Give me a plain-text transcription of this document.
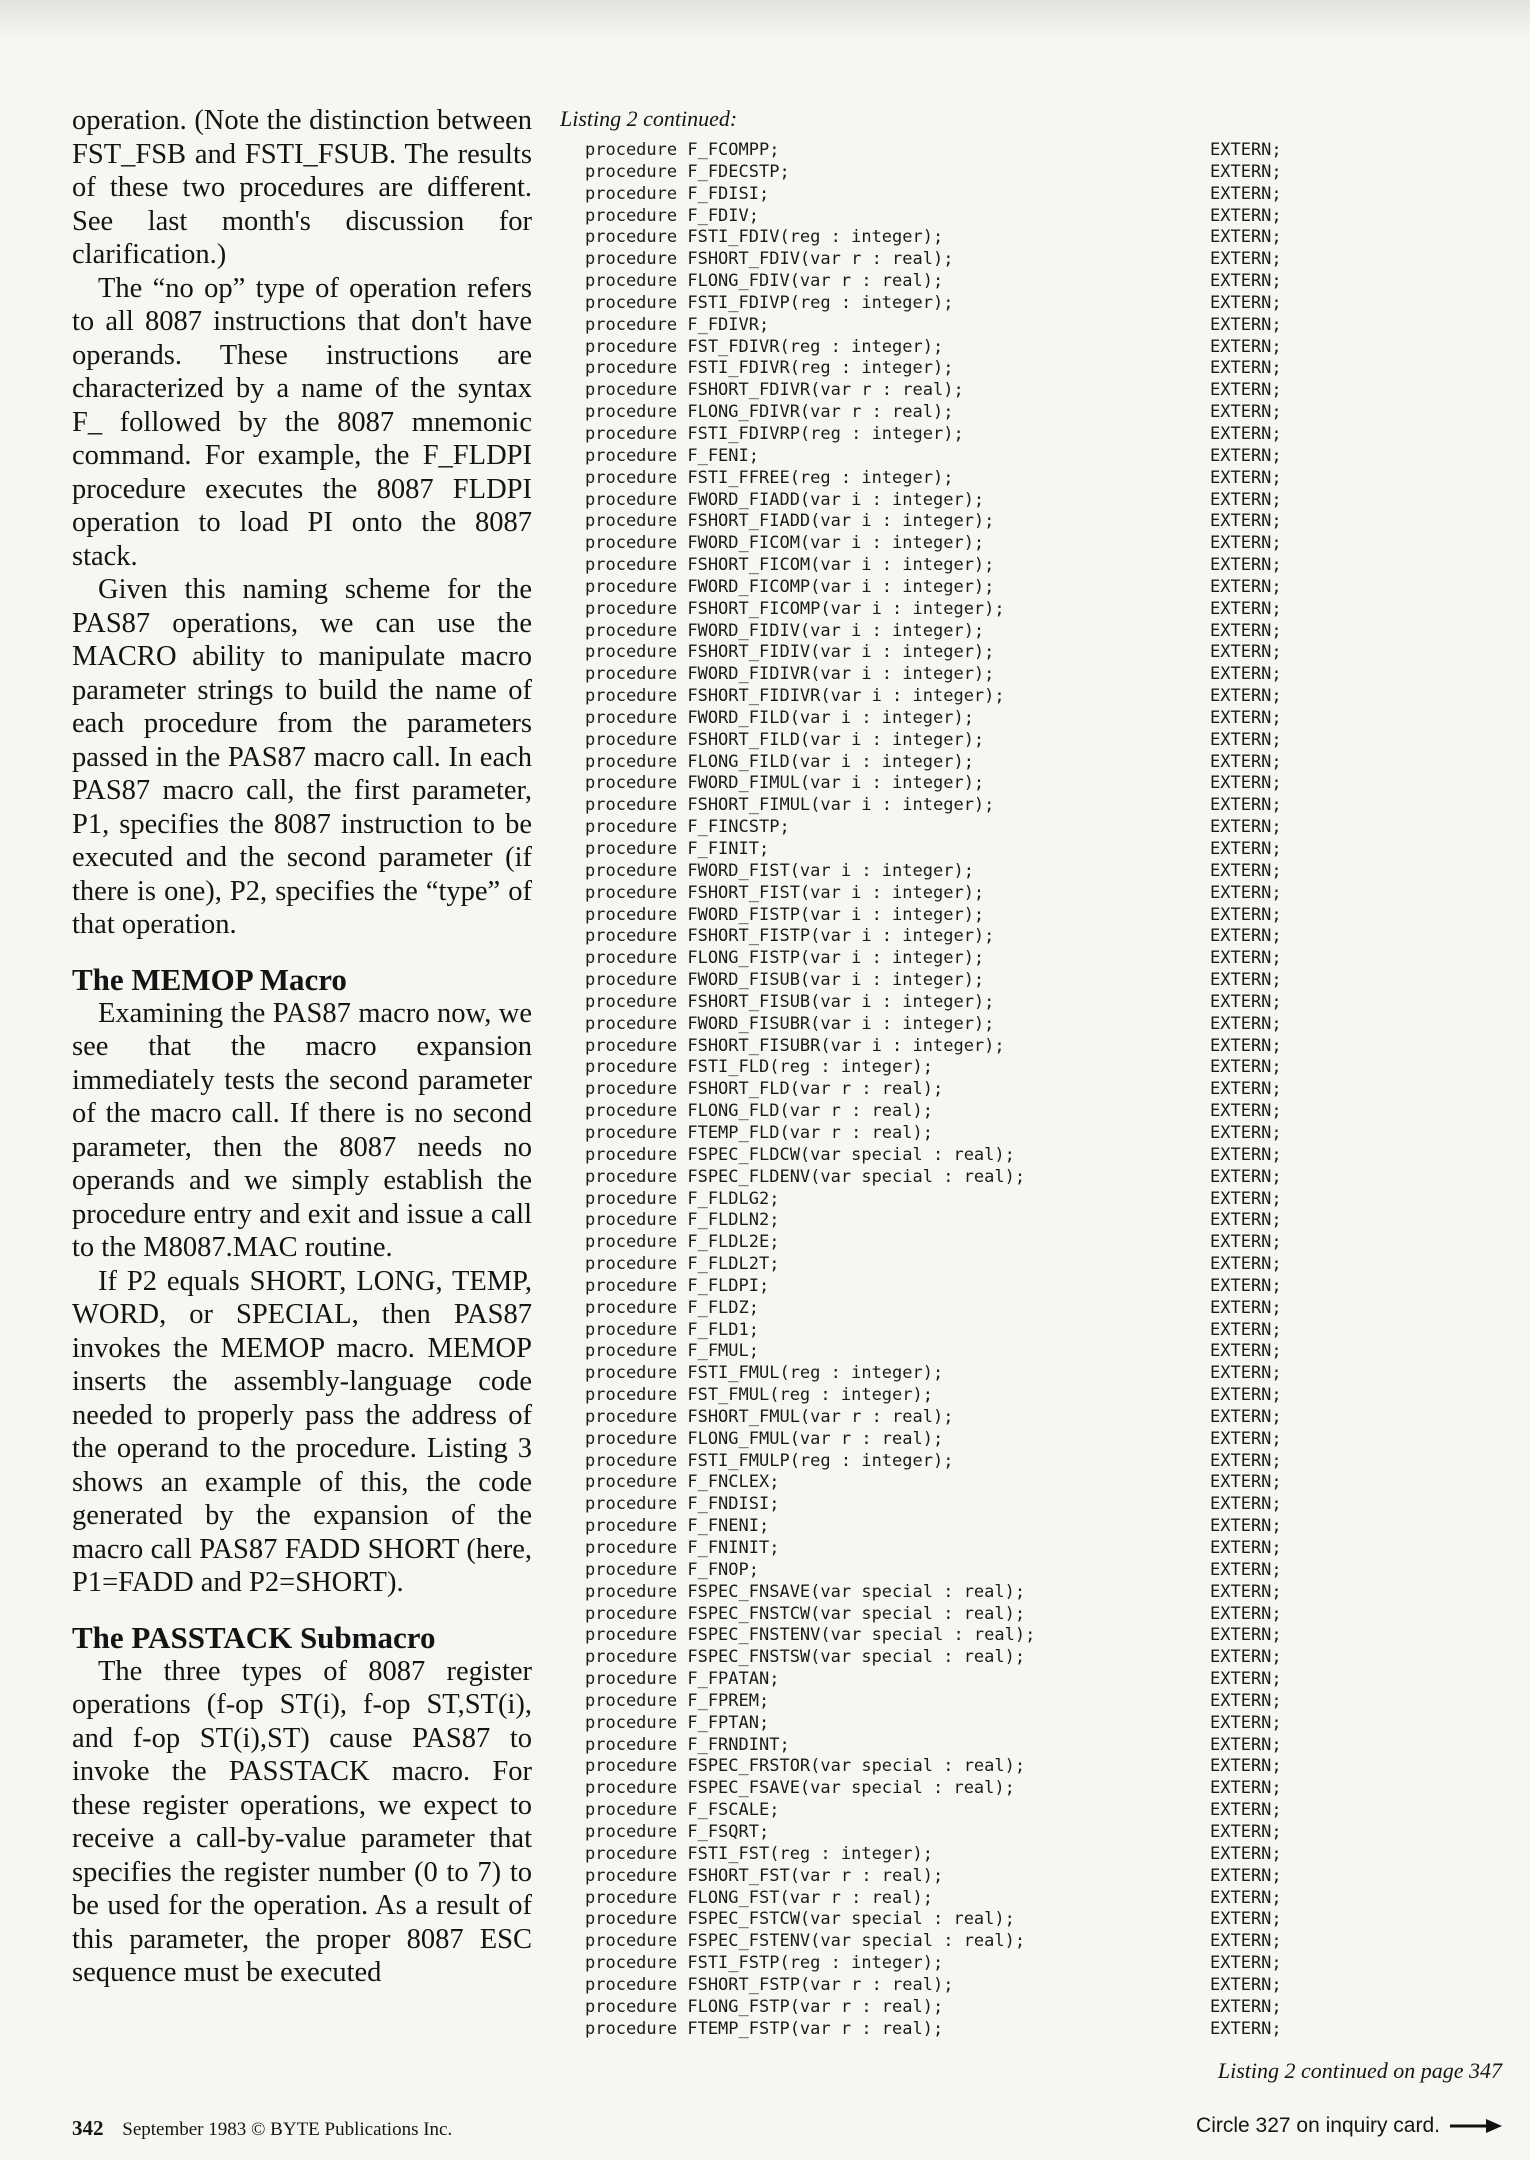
operation. (Note the distinction between FST_FSB and FSTI_FSUB. The results of these two procedures are different. See last month's discussion for clarification.)

The “no op” type of operation refers to all 8087 instructions that don't have operands. These instructions are characterized by a name of the syntax F_ followed by the 8087 mnemonic command. For example, the F_FLDPI procedure executes the 8087 FLDPI operation to load PI onto the 8087 stack.

Given this naming scheme for the PAS87 operations, we can use the MACRO ability to manipulate macro parameter strings to build the name of each procedure from the parameters passed in the PAS87 macro call. In each PAS87 macro call, the first parameter, P1, specifies the 8087 instruction to be executed and the second parameter (if there is one), P2, specifies the “type” of that operation.

The MEMOP Macro

Examining the PAS87 macro now, we see that the macro expansion immediately tests the second parameter of the macro call. If there is no second parameter, then the 8087 needs no operands and we simply establish the procedure entry and exit and issue a call to the M8087.MAC routine.

If P2 equals SHORT, LONG, TEMP, WORD, or SPECIAL, then PAS87 invokes the MEMOP macro. MEMOP inserts the assembly-language code needed to properly pass the address of the operand to the procedure. Listing 3 shows an example of this, the code generated by the expansion of the macro call PAS87 FADD SHORT (here, P1=FADD and P2=SHORT).

The PASSTACK Submacro

The three types of 8087 register operations (f-op ST(i), f-op ST,ST(i), and f-op ST(i),ST) cause PAS87 to invoke the PASSTACK macro. For these register operations, we expect to receive a call-by-value parameter that specifies the register number (0 to 7) to be used for the operation. As a result of this parameter, the proper 8087 ESC sequence must be executed

Listing 2 continued:
procedure F_FCOMPP;	EXTERN;
procedure F_FDECSTP;	EXTERN;
procedure F_FDISI;	EXTERN;
procedure F_FDIV;	EXTERN;
procedure FSTI_FDIV(reg : integer);	EXTERN;
procedure FSHORT_FDIV(var r : real);	EXTERN;
procedure FLONG_FDIV(var r : real);	EXTERN;
procedure FSTI_FDIVP(reg : integer);	EXTERN;
procedure F_FDIVR;	EXTERN;
procedure FST_FDIVR(reg : integer);	EXTERN;
procedure FSTI_FDIVR(reg : integer);	EXTERN;
procedure FSHORT_FDIVR(var r : real);	EXTERN;
procedure FLONG_FDIVR(var r : real);	EXTERN;
procedure FSTI_FDIVRP(reg : integer);	EXTERN;
procedure F_FENI;	EXTERN;
procedure FSTI_FFREE(reg : integer);	EXTERN;
procedure FWORD_FIADD(var i : integer);	EXTERN;
procedure FSHORT_FIADD(var i : integer);	EXTERN;
procedure FWORD_FICOM(var i : integer);	EXTERN;
procedure FSHORT_FICOM(var i : integer);	EXTERN;
procedure FWORD_FICOMP(var i : integer);	EXTERN;
procedure FSHORT_FICOMP(var i : integer);	EXTERN;
procedure FWORD_FIDIV(var i : integer);	EXTERN;
procedure FSHORT_FIDIV(var i : integer);	EXTERN;
procedure FWORD_FIDIVR(var i : integer);	EXTERN;
procedure FSHORT_FIDIVR(var i : integer);	EXTERN;
procedure FWORD_FILD(var i : integer);	EXTERN;
procedure FSHORT_FILD(var i : integer);	EXTERN;
procedure FLONG_FILD(var i : integer);	EXTERN;
procedure FWORD_FIMUL(var i : integer);	EXTERN;
procedure FSHORT_FIMUL(var i : integer);	EXTERN;
procedure F_FINCSTP;	EXTERN;
procedure F_FINIT;	EXTERN;
procedure FWORD_FIST(var i : integer);	EXTERN;
procedure FSHORT_FIST(var i : integer);	EXTERN;
procedure FWORD_FISTP(var i : integer);	EXTERN;
procedure FSHORT_FISTP(var i : integer);	EXTERN;
procedure FLONG_FISTP(var i : integer);	EXTERN;
procedure FWORD_FISUB(var i : integer);	EXTERN;
procedure FSHORT_FISUB(var i : integer);	EXTERN;
procedure FWORD_FISUBR(var i : integer);	EXTERN;
procedure FSHORT_FISUBR(var i : integer);	EXTERN;
procedure FSTI_FLD(reg : integer);	EXTERN;
procedure FSHORT_FLD(var r : real);	EXTERN;
procedure FLONG_FLD(var r : real);	EXTERN;
procedure FTEMP_FLD(var r : real);	EXTERN;
procedure FSPEC_FLDCW(var special : real);	EXTERN;
procedure FSPEC_FLDENV(var special : real);	EXTERN;
procedure F_FLDLG2;	EXTERN;
procedure F_FLDLN2;	EXTERN;
procedure F_FLDL2E;	EXTERN;
procedure F_FLDL2T;	EXTERN;
procedure F_FLDPI;	EXTERN;
procedure F_FLDZ;	EXTERN;
procedure F_FLD1;	EXTERN;
procedure F_FMUL;	EXTERN;
procedure FSTI_FMUL(reg : integer);	EXTERN;
procedure FST_FMUL(reg : integer);	EXTERN;
procedure FSHORT_FMUL(var r : real);	EXTERN;
procedure FLONG_FMUL(var r : real);	EXTERN;
procedure FSTI_FMULP(reg : integer);	EXTERN;
procedure F_FNCLEX;	EXTERN;
procedure F_FNDISI;	EXTERN;
procedure F_FNENI;	EXTERN;
procedure F_FNINIT;	EXTERN;
procedure F_FNOP;	EXTERN;
procedure FSPEC_FNSAVE(var special : real);	EXTERN;
procedure FSPEC_FNSTCW(var special : real);	EXTERN;
procedure FSPEC_FNSTENV(var special : real);	EXTERN;
procedure FSPEC_FNSTSW(var special : real);	EXTERN;
procedure F_FPATAN;	EXTERN;
procedure F_FPREM;	EXTERN;
procedure F_FPTAN;	EXTERN;
procedure F_FRNDINT;	EXTERN;
procedure FSPEC_FRSTOR(var special : real);	EXTERN;
procedure FSPEC_FSAVE(var special : real);	EXTERN;
procedure F_FSCALE;	EXTERN;
procedure F_FSQRT;	EXTERN;
procedure FSTI_FST(reg : integer);	EXTERN;
procedure FSHORT_FST(var r : real);	EXTERN;
procedure FLONG_FST(var r : real);	EXTERN;
procedure FSPEC_FSTCW(var special : real);	EXTERN;
procedure FSPEC_FSTENV(var special : real);	EXTERN;
procedure FSTI_FSTP(reg : integer);	EXTERN;
procedure FSHORT_FSTP(var r : real);	EXTERN;
procedure FLONG_FSTP(var r : real);	EXTERN;
procedure FTEMP_FSTP(var r : real);	EXTERN;
Listing 2 continued on page 347
342 September 1983 © BYTE Publications Inc.	Circle 327 on inquiry card.
